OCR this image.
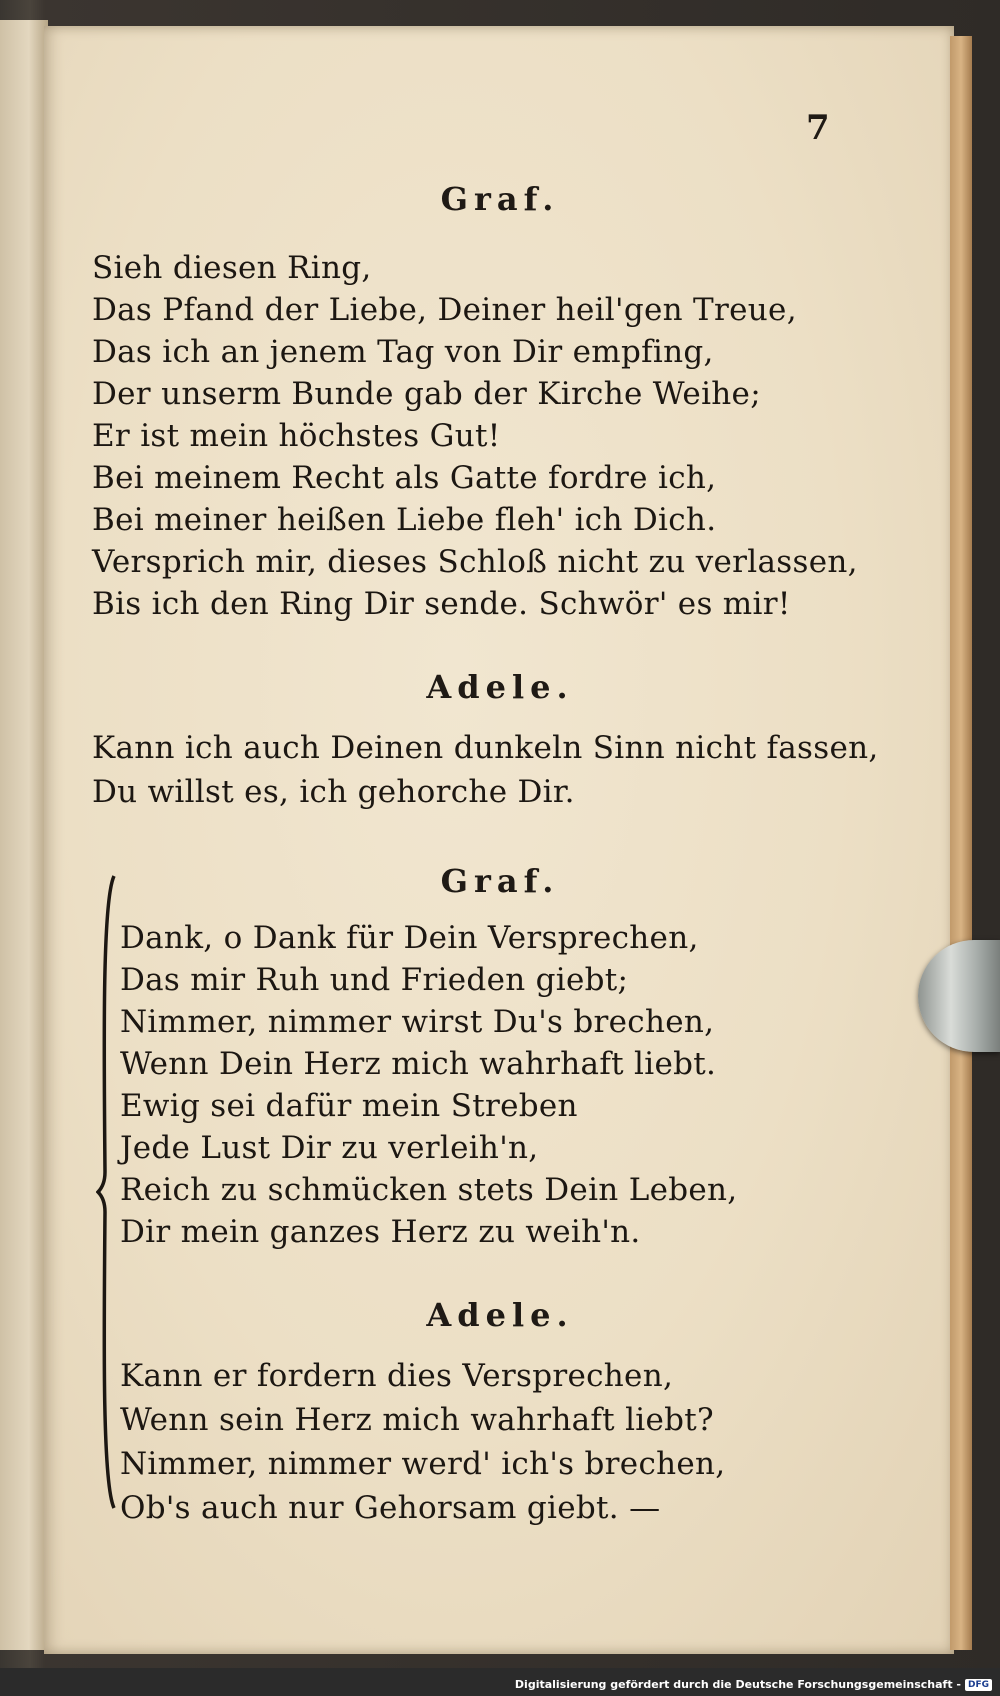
7
Graf.
Sieh diesen Ring,
Das Pfand der Liebe, Deiner heil'gen Treue,
Das ich an jenem Tag von Dir empfing,
Der unserm Bunde gab der Kirche Weihe;
Er ist mein höchstes Gut!
Bei meinem Recht als Gatte fordre ich,
Bei meiner heißen Liebe fleh' ich Dich.
Versprich mir, dieses Schloß nicht zu verlassen,
Bis ich den Ring Dir sende. Schwör' es mir!
Adele.
Kann ich auch Deinen dunkeln Sinn nicht fassen,
Du willst es, ich gehorche Dir.
Graf.
Dank, o Dank für Dein Versprechen,
Das mir Ruh und Frieden giebt;
Nimmer, nimmer wirst Du's brechen,
Wenn Dein Herz mich wahrhaft liebt.
Ewig sei dafür mein Streben
Jede Lust Dir zu verleih'n,
Reich zu schmücken stets Dein Leben,
Dir mein ganzes Herz zu weih'n.
Adele.
Kann er fordern dies Versprechen,
Wenn sein Herz mich wahrhaft liebt?
Nimmer, nimmer werd' ich's brechen,
Ob's auch nur Gehorsam giebt. —
Digitalisierung gefördert durch die Deutsche Forschungsgemeinschaft - DFG
